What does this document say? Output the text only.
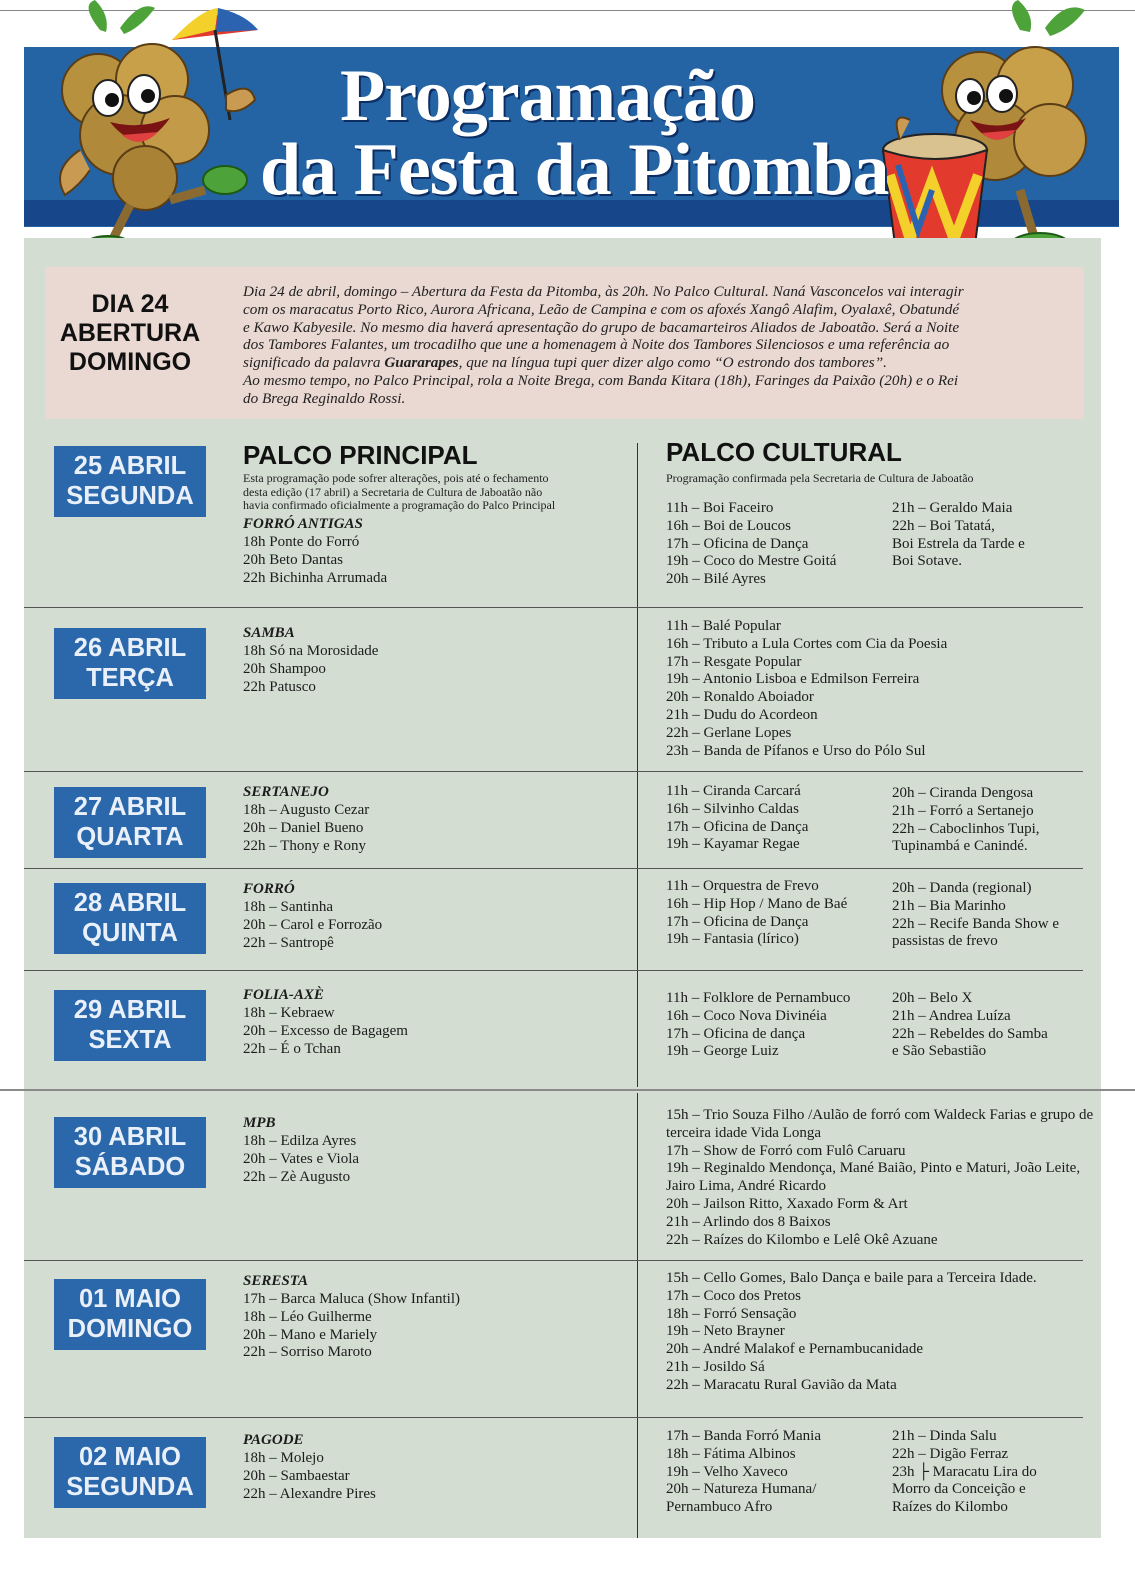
Programação
da Festa da Pitomba
DIA 24
ABERTURA
DOMINGO

Dia 24 de abril, domingo – Abertura da Festa da Pitomba, às 20h. No Palco Cultural. Naná Vasconcelos vai interagir

com os maracatus Porto Rico, Aurora Africana, Leão de Campina e com os afoxés Xangô Alafim, Oyalaxê, Obatundé

e Kawo Kabyesile. No mesmo dia haverá apresentação do grupo de bacamarteiros Aliados de Jaboatão. Será a Noite

dos Tambores Falantes, um trocadilho que une a homenagem à Noite dos Tambores Silenciosos e uma referência ao

significado da palavra Guararapes, que na língua tupi quer dizer algo como “O estrondo dos tambores”.

Ao mesmo tempo, no Palco Principal, rola a Noite Brega, com Banda Kitara (18h), Faringes da Paixão (20h) e o Rei

do Brega Reginaldo Rossi.

PALCO PRINCIPAL
Esta programação pode sofrer alterações, pois até o fechamento
desta edição (17 abril) a Secretaria de Cultura de Jaboatão não
havia confirmado oficialmente a programação do Palco Principal
PALCO CULTURAL
Programação confirmada pela Secretaria de Cultura de Jaboatão
25 ABRIL
SEGUNDA
FORRÓ ANTIGAS
18h Ponte do Forró
20h Beto Dantas
22h Bichinha Arrumada
11h – Boi Faceiro
16h – Boi de Loucos
17h – Oficina de Dança
19h – Coco do Mestre Goitá
20h – Bilé Ayres
21h – Geraldo Maia
22h – Boi Tatatá,
Boi Estrela da Tarde e
Boi Sotave.
26 ABRIL
TERÇA
SAMBA
18h Só na Morosidade
20h Shampoo
22h Patusco
11h – Balé Popular
16h – Tributo a Lula Cortes com Cia da Poesia
17h – Resgate Popular
19h – Antonio Lisboa e Edmilson Ferreira
20h – Ronaldo Aboiador
21h – Dudu do Acordeon
22h – Gerlane Lopes
23h – Banda de Pífanos e Urso do Pólo Sul
27 ABRIL
QUARTA
SERTANEJO
18h – Augusto Cezar
20h – Daniel Bueno
22h – Thony e Rony
11h – Ciranda Carcará
16h – Silvinho Caldas
17h – Oficina de Dança
19h – Kayamar Regae
20h – Ciranda Dengosa
21h – Forró a Sertanejo
22h – Caboclinhos Tupi,
Tupinambá e Canindé.
28 ABRIL
QUINTA
FORRÓ
18h – Santinha
20h – Carol e Forrozão
22h – Santropê
11h – Orquestra de Frevo
16h – Hip Hop / Mano de Baé
17h – Oficina de Dança
19h – Fantasia (lírico)
20h – Danda (regional)
21h – Bia Marinho
22h – Recife Banda Show e
passistas de frevo
29 ABRIL
SEXTA
FOLIA-AXÈ
18h – Kebraew
20h – Excesso de Bagagem
22h – É o Tchan
11h – Folklore de Pernambuco
16h – Coco Nova Divinéia
17h – Oficina de dança
19h – George Luiz
20h – Belo X
21h – Andrea Luíza
22h – Rebeldes do Samba
e São Sebastião
30 ABRIL
SÁBADO
MPB
18h – Edilza Ayres
20h – Vates e Viola
22h – Zè Augusto
15h – Trio Souza Filho /Aulão de forró com Waldeck Farias e grupo de terceira idade Vida Longa
17h – Show de Forró com Fulô Caruaru
19h – Reginaldo Mendonça, Mané Baião, Pinto e Maturi, João Leite, Jairo Lima, André Ricardo
20h – Jailson Ritto, Xaxado Form & Art
21h – Arlindo dos 8 Baixos
22h – Raízes do Kilombo e Lelê Okê Azuane
01 MAIO
DOMINGO
SERESTA
17h – Barca Maluca (Show Infantil)
18h – Léo Guilherme
20h – Mano e Mariely
22h – Sorriso Maroto
15h – Cello Gomes, Balo Dança e baile para a Terceira Idade.
17h – Coco dos Pretos
18h – Forró Sensação
19h – Neto Brayner
20h – André Malakof e Pernambucanidade
21h – Josildo Sá
22h – Maracatu Rural Gavião da Mata
02 MAIO
SEGUNDA
PAGODE
18h – Molejo
20h – Sambaestar
22h – Alexandre Pires
17h – Banda Forró Mania
18h – Fátima Albinos
19h – Velho Xaveco
20h – Natureza Humana/
Pernambuco Afro
21h – Dinda Salu
22h – Digão Ferraz
23h ├ Maracatu Lira do
Morro da Conceição e
Raízes do Kilombo
